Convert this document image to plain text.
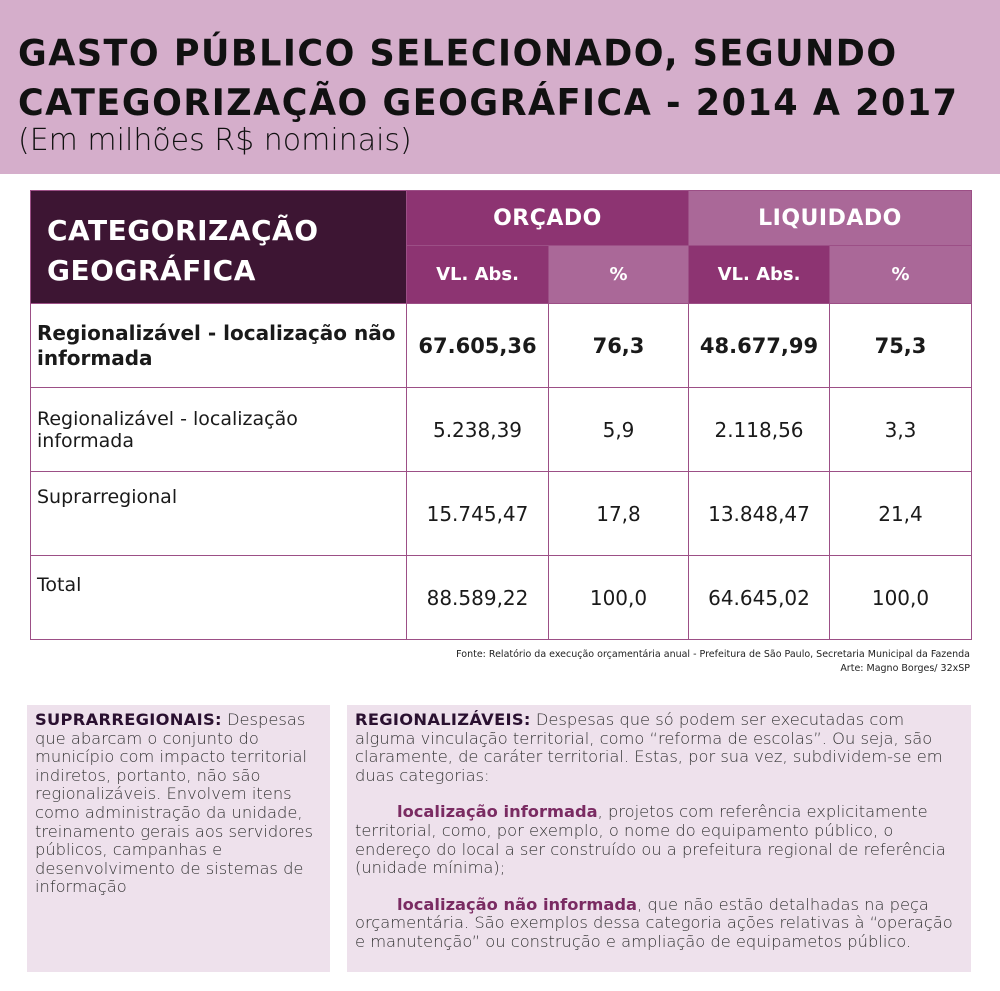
GASTO PÚBLICO SELECIONADO, SEGUNDO
CATEGORIZAÇÃO GEOGRÁFICA - 2014 A 2017
(Em milhões R$ nominais)
CATEGORIZAÇÃO
GEOGRÁFICA	ORÇADO		LIQUIDADO	
	VL. Abs.	%	VL. Abs.	%
Regionalizável - localização não informada	67.605,36	76,3	48.677,99	75,3
Regionalizável - localização informada	5.238,39	5,9	2.118,56	3,3
Suprarregional	15.745,47	17,8	13.848,47	21,4
Total	88.589,22	100,0	64.645,02	100,0
Fonte: Relatório da execução orçamentária anual - Prefeitura de São Paulo, Secretaria Municipal da Fazenda
Arte: Magno Borges/ 32xSP
SUPRARREGIONAIS: Despesas que abarcam o conjunto do município com impacto territorial indiretos, portanto, não são regionalizáveis. Envolvem itens como administração da unidade, treinamento gerais aos servidores públicos, campanhas e desenvolvimento de sistemas de informação
REGIONALIZÁVEIS: Despesas que só podem ser executadas com alguma vinculação territorial, como “reforma de escolas”. Ou seja, são claramente, de caráter territorial. Estas, por sua vez, subdividem-se em duas categorias:
localização informada, projetos com referência explicitamente territorial, como, por exemplo, o nome do equipamento público, o endereço do local a ser construído ou a prefeitura regional de referência (unidade mínima);
localização não informada, que não estão detalhadas na peça orçamentária. São exemplos dessa categoria ações relativas à “operação e manutenção” ou construção e ampliação de equipametos público.
